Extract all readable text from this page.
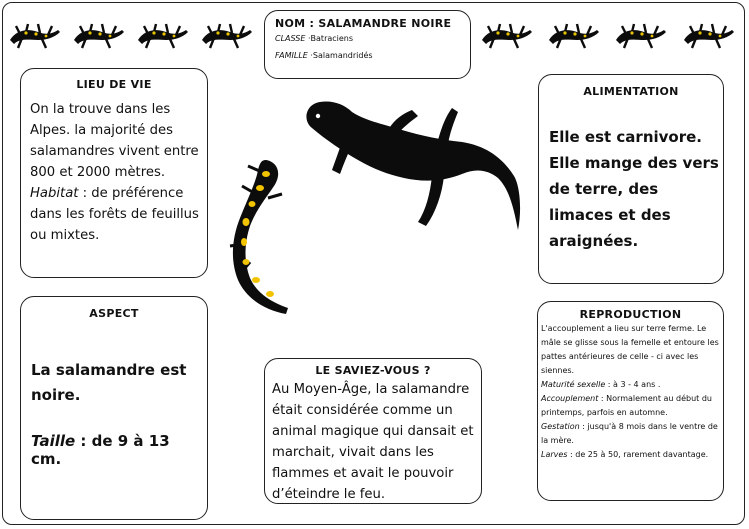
NOM : SALAMANDRE NOIRE
CLASSE ·Batraciens
FAMILLE ·Salamandridés
LIEU DE VIE
On la trouve dans les Alpes. la majorité des salamandres vivent entre 800 et 2000 mètres. Habitat : de préférence dans les forêts de feuillus ou mixtes.
ALIMENTATION
Elle est carnivore. Elle mange des vers de terre, des limaces et des araignées.
ASPECT
La salamandre est noire.
Taille : de 9 à 13 cm.
LE SAVIEZ-VOUS ?
Au Moyen-Âge, la salamandre était considérée comme un animal magique qui dansait et marchait, vivait dans les flammes et avait le pouvoir d’éteindre le feu.
REPRODUCTION
L'accouplement a lieu sur terre ferme. Le mâle se glisse sous la femelle et entoure les pattes antérieures de celle - ci avec les siennes.
Maturité sexelle : à 3 - 4 ans .
Accouplement : Normalement au début du printemps, parfois en automne.
Gestation : jusqu'à 8 mois dans le ventre de la mère.
Larves : de 25 à 50, rarement davantage.
